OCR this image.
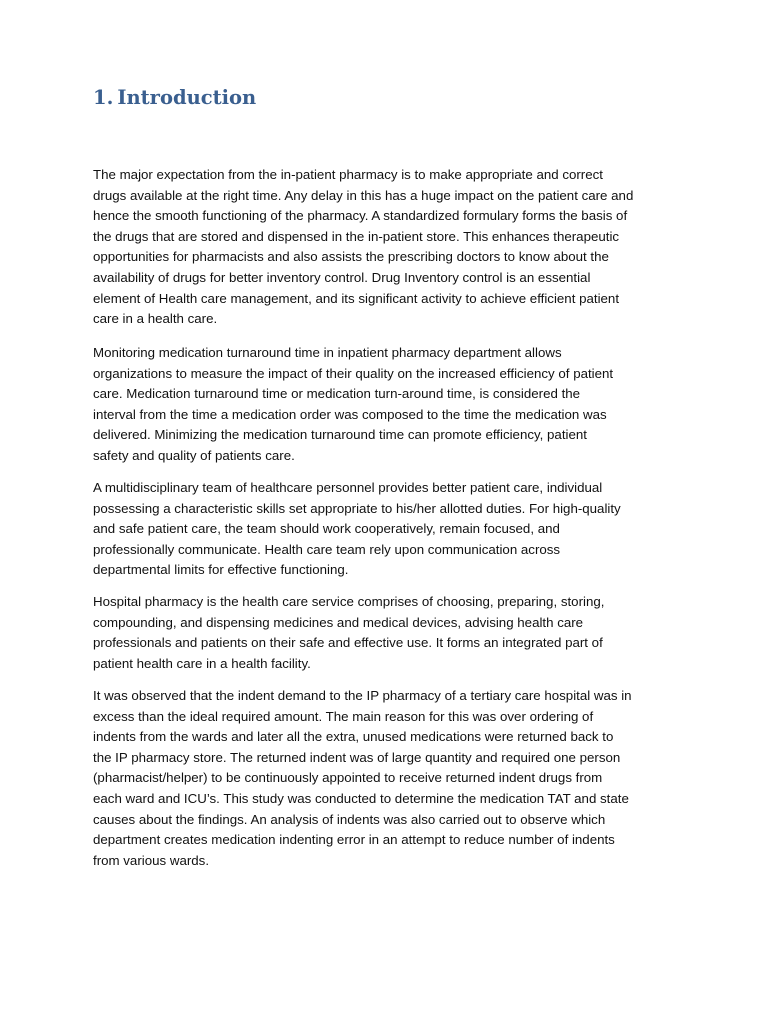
1. Introduction

The major expectation from the in-patient pharmacy is to make appropriate and correct
drugs available at the right time. Any delay in this has a huge impact on the patient care and
hence the smooth functioning of the pharmacy. A standardized formulary forms the basis of
the drugs that are stored and dispensed in the in-patient store. This enhances therapeutic
opportunities for pharmacists and also assists the prescribing doctors to know about the
availability of drugs for better inventory control. Drug Inventory control is an essential
element of Health care management, and its significant activity to achieve efficient patient
care in a health care.

Monitoring medication turnaround time in inpatient pharmacy department allows
organizations to measure the impact of their quality on the increased efficiency of patient
care. Medication turnaround time or medication turn-around time, is considered the
interval from the time a medication order was composed to the time the medication was
delivered. Minimizing the medication turnaround time can promote efficiency, patient
safety and quality of patients care.

A multidisciplinary team of healthcare personnel provides better patient care, individual
possessing a characteristic skills set appropriate to his/her allotted duties. For high-quality
and safe patient care, the team should work cooperatively, remain focused, and
professionally communicate. Health care team rely upon communication across
departmental limits for effective functioning.

Hospital pharmacy is the health care service comprises of choosing, preparing, storing,
compounding, and dispensing medicines and medical devices, advising health care
professionals and patients on their safe and effective use. It forms an integrated part of
patient health care in a health facility.

It was observed that the indent demand to the IP pharmacy of a tertiary care hospital was in
excess than the ideal required amount. The main reason for this was over ordering of
indents from the wards and later all the extra, unused medications were returned back to
the IP pharmacy store. The returned indent was of large quantity and required one person
(pharmacist/helper) to be continuously appointed to receive returned indent drugs from
each ward and ICU’s. This study was conducted to determine the medication TAT and state
causes about the findings. An analysis of indents was also carried out to observe which
department creates medication indenting error in an attempt to reduce number of indents
from various wards.
